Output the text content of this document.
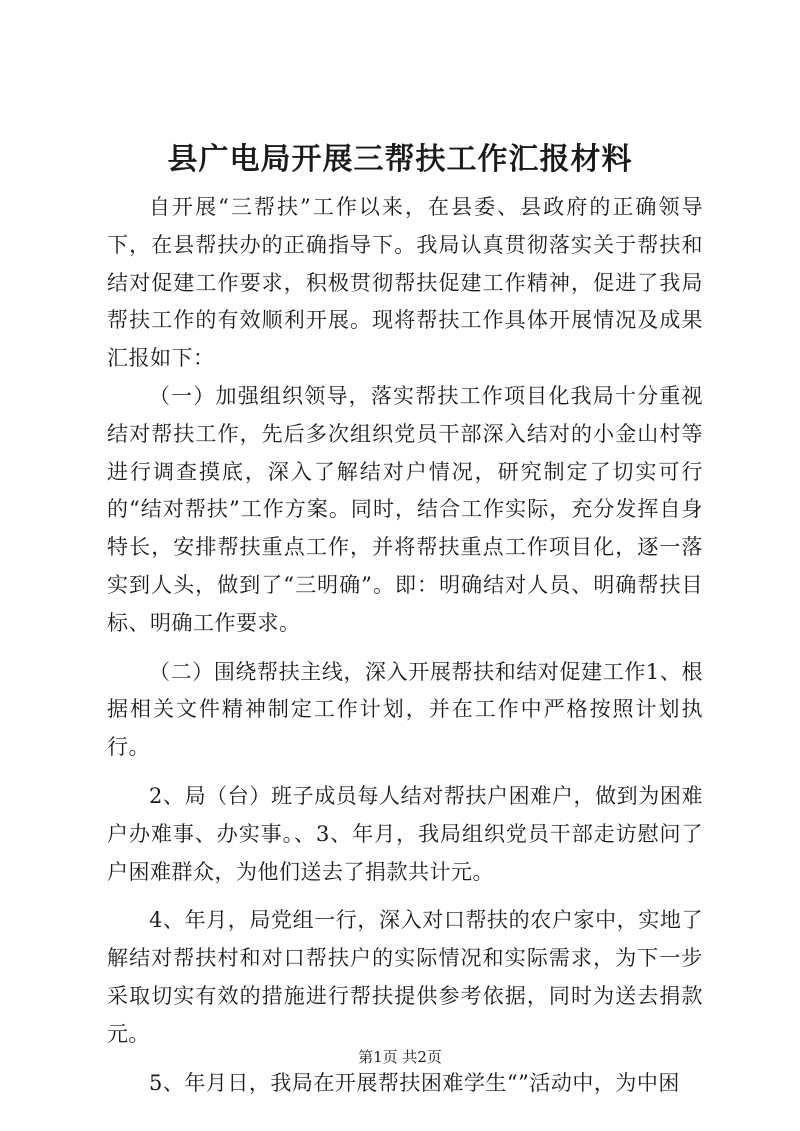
县广电局开展三帮扶工作汇报材料

自开展“三帮扶”工作以来，在县委、县政府的正确领导下，在县帮扶办的正确指导下。我局认真贯彻落实关于帮扶和结对促建工作要求，积极贯彻帮扶促建工作精神，促进了我局帮扶工作的有效顺利开展。现将帮扶工作具体开展情况及成果汇报如下：

（一）加强组织领导，落实帮扶工作项目化我局十分重视结对帮扶工作，先后多次组织党员干部深入结对的小金山村等进行调查摸底，深入了解结对户情况，研究制定了切实可行的“结对帮扶”工作方案。同时，结合工作实际，充分发挥自身特长，安排帮扶重点工作，并将帮扶重点工作项目化，逐一落实到人头，做到了“三明确”。即：明确结对人员、明确帮扶目标、明确工作要求。

（二）围绕帮扶主线，深入开展帮扶和结对促建工作1、根据相关文件精神制定工作计划，并在工作中严格按照计划执行。

2、局（台）班子成员每人结对帮扶户困难户，做到为困难户办难事、办实事。、3、年月，我局组织党员干部走访慰问了户困难群众，为他们送去了捐款共计元。

4、年月，局党组一行，深入对口帮扶的农户家中，实地了解结对帮扶村和对口帮扶户的实际情况和实际需求，为下一步采取切实有效的措施进行帮扶提供参考依据，同时为送去捐款元。

5、年月日，我局在开展帮扶困难学生“”活动中，为中困

第1页 共2页
